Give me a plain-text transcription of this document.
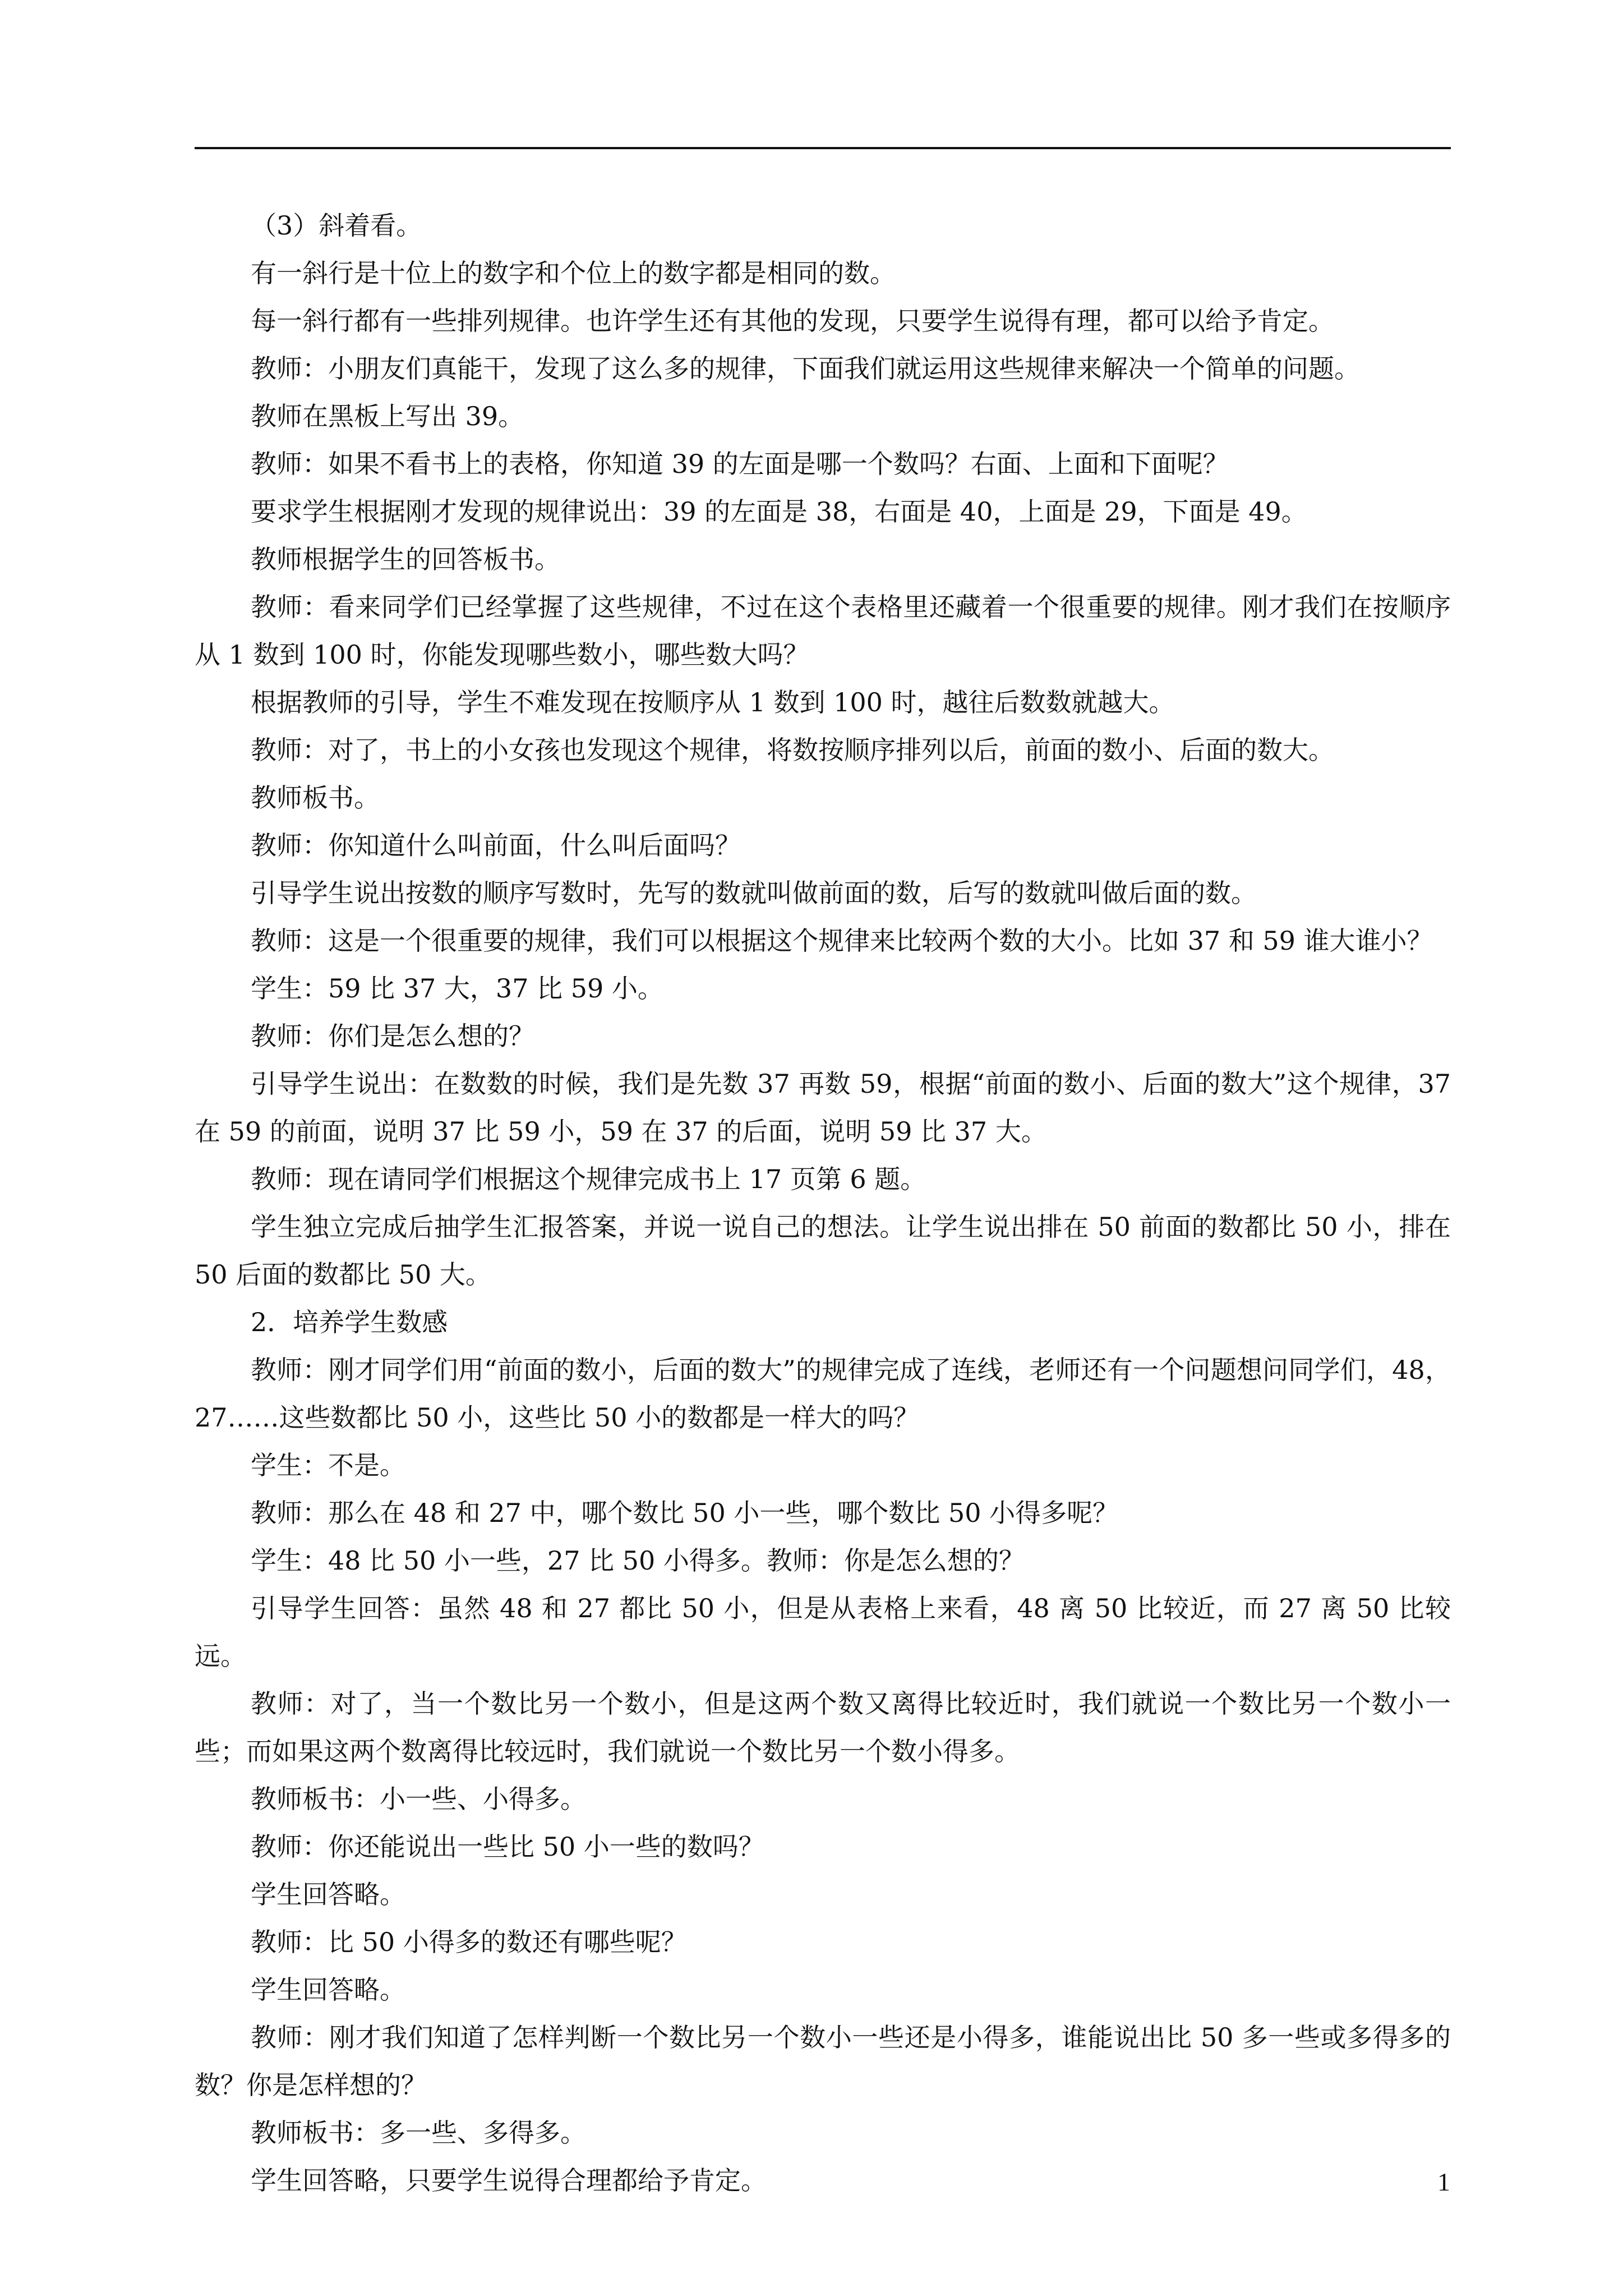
（3）斜着看。

有一斜行是十位上的数字和个位上的数字都是相同的数。

每一斜行都有一些排列规律。也许学生还有其他的发现，只要学生说得有理，都可以给予肯定。

教师：小朋友们真能干，发现了这么多的规律，下面我们就运用这些规律来解决一个简单的问题。

教师在黑板上写出 39。

教师：如果不看书上的表格，你知道 39 的左面是哪一个数吗？右面、上面和下面呢？

要求学生根据刚才发现的规律说出：39 的左面是 38，右面是 40，上面是 29，下面是 49。

教师根据学生的回答板书。

教师：看来同学们已经掌握了这些规律，不过在这个表格里还藏着一个很重要的规律。刚才我们在按顺序从 1 数到 100 时，你能发现哪些数小，哪些数大吗？

根据教师的引导，学生不难发现在按顺序从 1 数到 100 时，越往后数数就越大。

教师：对了，书上的小女孩也发现这个规律，将数按顺序排列以后，前面的数小、后面的数大。

教师板书。

教师：你知道什么叫前面，什么叫后面吗？

引导学生说出按数的顺序写数时，先写的数就叫做前面的数，后写的数就叫做后面的数。

教师：这是一个很重要的规律，我们可以根据这个规律来比较两个数的大小。比如 37 和 59 谁大谁小？

学生：59 比 37 大，37 比 59 小。

教师：你们是怎么想的？

引导学生说出：在数数的时候，我们是先数 37 再数 59，根据“前面的数小、后面的数大”这个规律，37 在 59 的前面，说明 37 比 59 小，59 在 37 的后面，说明 59 比 37 大。

教师：现在请同学们根据这个规律完成书上 17 页第 6 题。

学生独立完成后抽学生汇报答案，并说一说自己的想法。让学生说出排在 50 前面的数都比 50 小，排在 50 后面的数都比 50 大。

2．培养学生数感

教师：刚才同学们用“前面的数小，后面的数大”的规律完成了连线，老师还有一个问题想问同学们，48，27……这些数都比 50 小，这些比 50 小的数都是一样大的吗？

学生：不是。

教师：那么在 48 和 27 中，哪个数比 50 小一些，哪个数比 50 小得多呢？

学生：48 比 50 小一些，27 比 50 小得多。教师：你是怎么想的？

引导学生回答：虽然 48 和 27 都比 50 小，但是从表格上来看，48 离 50 比较近，而 27 离 50 比较远。

教师：对了，当一个数比另一个数小，但是这两个数又离得比较近时，我们就说一个数比另一个数小一些；而如果这两个数离得比较远时，我们就说一个数比另一个数小得多。

教师板书：小一些、小得多。

教师：你还能说出一些比 50 小一些的数吗？

学生回答略。

教师：比 50 小得多的数还有哪些呢？

学生回答略。

教师：刚才我们知道了怎样判断一个数比另一个数小一些还是小得多，谁能说出比 50 多一些或多得多的数？你是怎样想的？

教师板书：多一些、多得多。

学生回答略，只要学生说得合理都给予肯定。	1
